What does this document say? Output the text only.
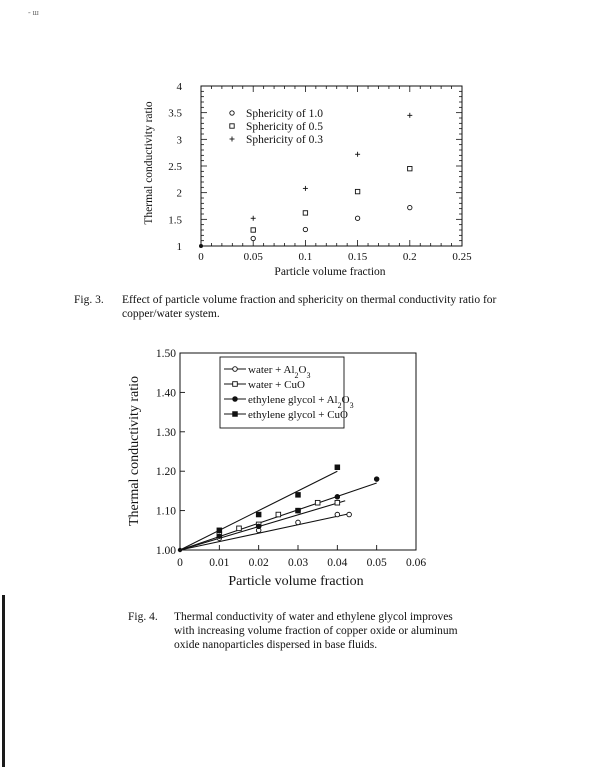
- ш
0	0.05	0.1	0.15	0.2	0.25
1
1.5
2
2.5
3
3.5
4
Sphericity of 1.0
Sphericity of 0.5
Sphericity of 0.3
Particle volume fraction
Thermal conductivity ratio
Fig. 3. Effect of particle volume fraction and sphericity on thermal conductivity ratio for copper/water system.
0 0.01 0.02 0.03 0.04 0.05 0.06
1.00
1.10
1.20
1.30
1.40
1.50
water + $Al_2O_3$
water + CuO
ethylene glycol + $Al_2O_3$
ethylene glycol + CuO
Particle volume fraction
Thermal conductivity ratio
Fig. 4. Thermal conductivity of water and ethylene glycol improves with increasing volume fraction of copper oxide or aluminum oxide nanoparticles dispersed in base fluids.
